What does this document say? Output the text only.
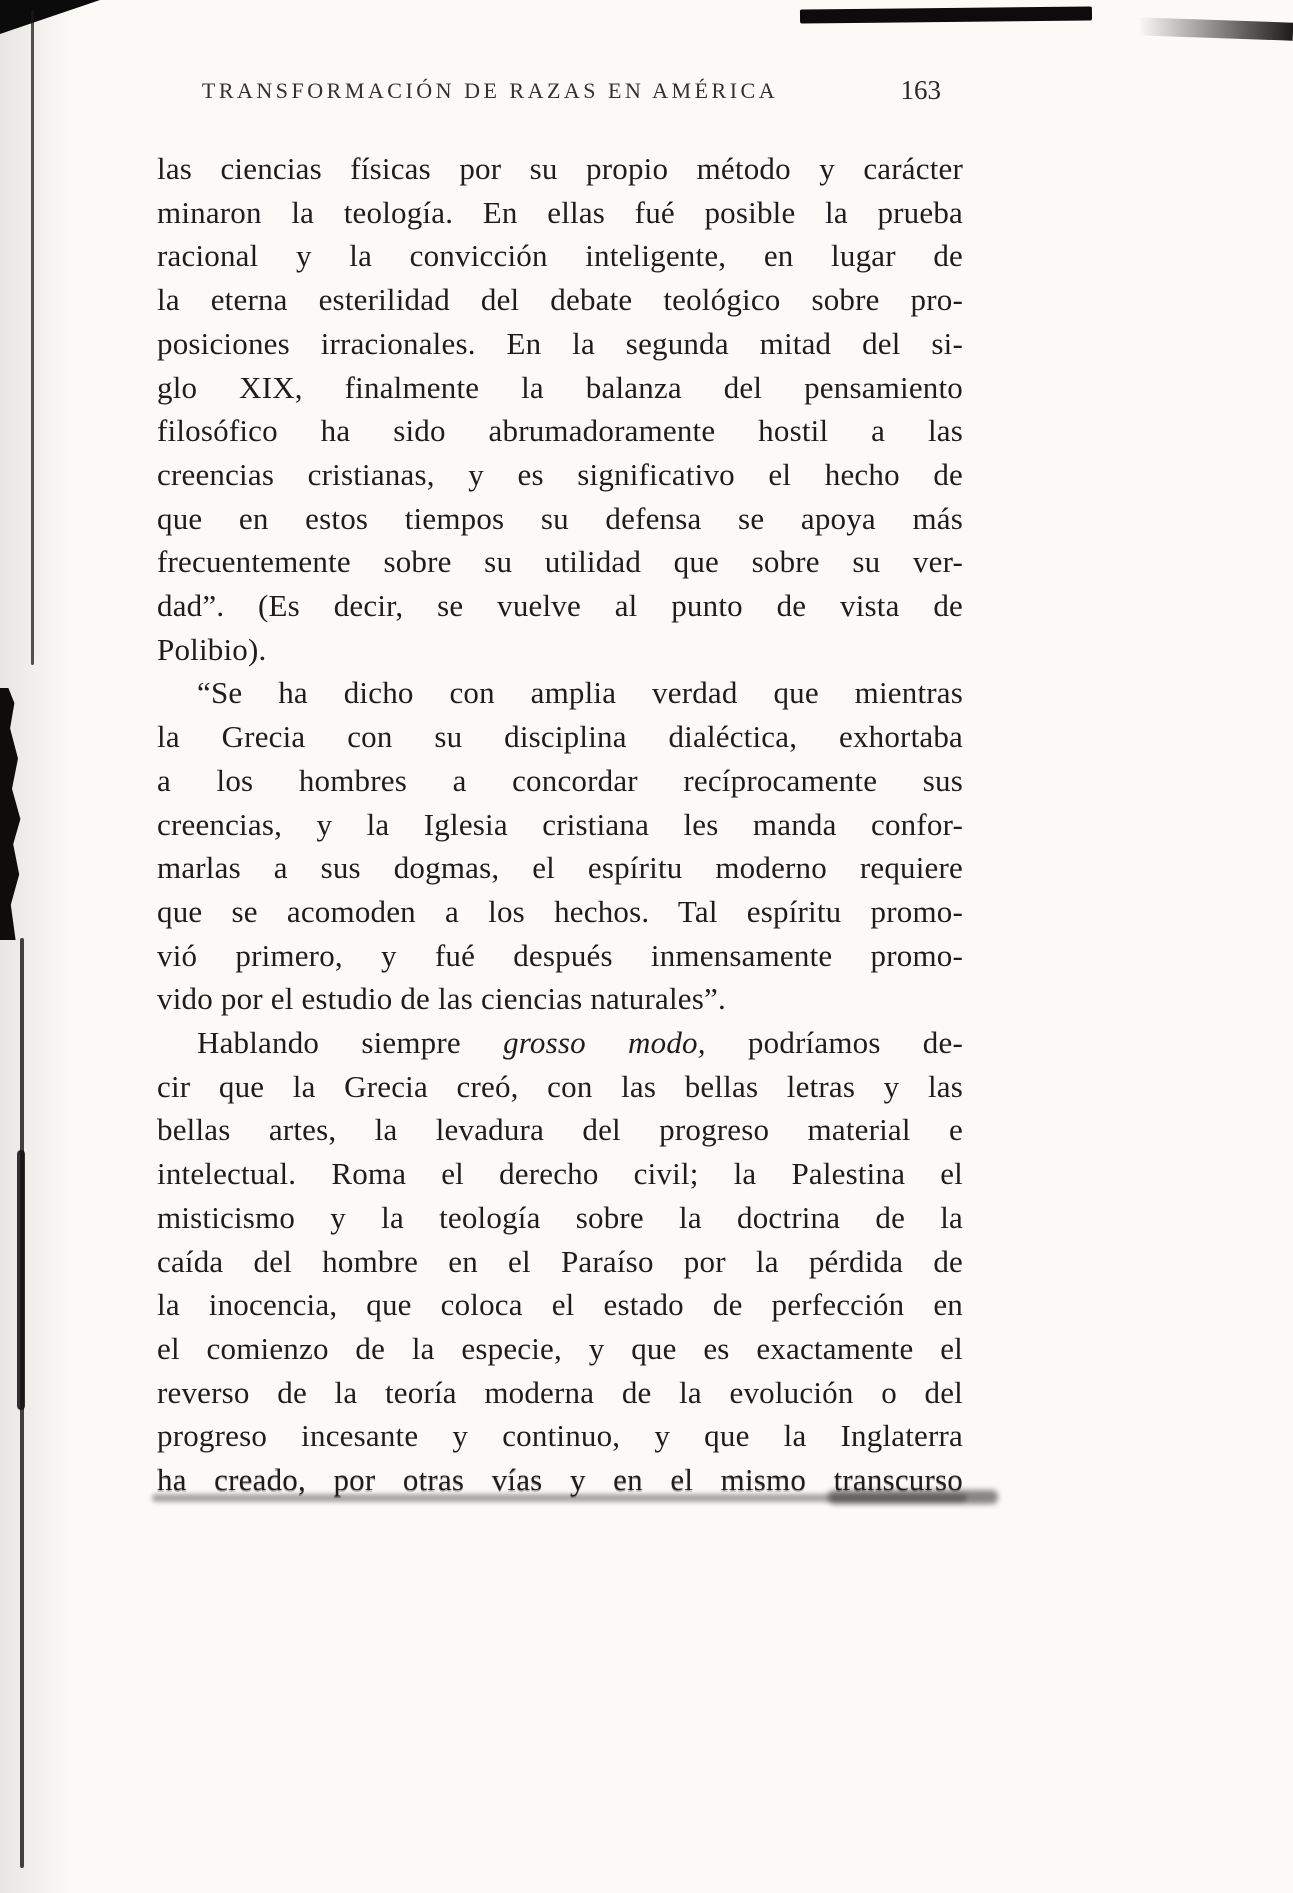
TRANSFORMACIÓN DE RAZAS EN AMÉRICA	163
las ciencias físicas por su propio método y carácter
minaron la teología. En ellas fué posible la prueba
racional y la convicción inteligente, en lugar de
la eterna esterilidad del debate teológico sobre pro-
posiciones irracionales. En la segunda mitad del si-
glo XIX, finalmente la balanza del pensamiento
filosófico ha sido abrumadoramente hostil a las
creencias cristianas, y es significativo el hecho de
que en estos tiempos su defensa se apoya más
frecuentemente sobre su utilidad que sobre su ver-
dad”. (Es decir, se vuelve al punto de vista de
Polibio).
“Se ha dicho con amplia verdad que mientras
la Grecia con su disciplina dialéctica, exhortaba
a los hombres a concordar recíprocamente sus
creencias, y la Iglesia cristiana les manda confor-
marlas a sus dogmas, el espíritu moderno requiere
que se acomoden a los hechos. Tal espíritu promo-
vió primero, y fué después inmensamente promo-
vido por el estudio de las ciencias naturales”.
Hablando siempre grosso modo, podríamos de-
cir que la Grecia creó, con las bellas letras y las
bellas artes, la levadura del progreso material e
intelectual. Roma el derecho civil; la Palestina el
misticismo y la teología sobre la doctrina de la
caída del hombre en el Paraíso por la pérdida de
la inocencia, que coloca el estado de perfección en
el comienzo de la especie, y que es exactamente el
reverso de la teoría moderna de la evolución o del
progreso incesante y continuo, y que la Inglaterra
ha creado, por otras vías y en el mismo transcurso
